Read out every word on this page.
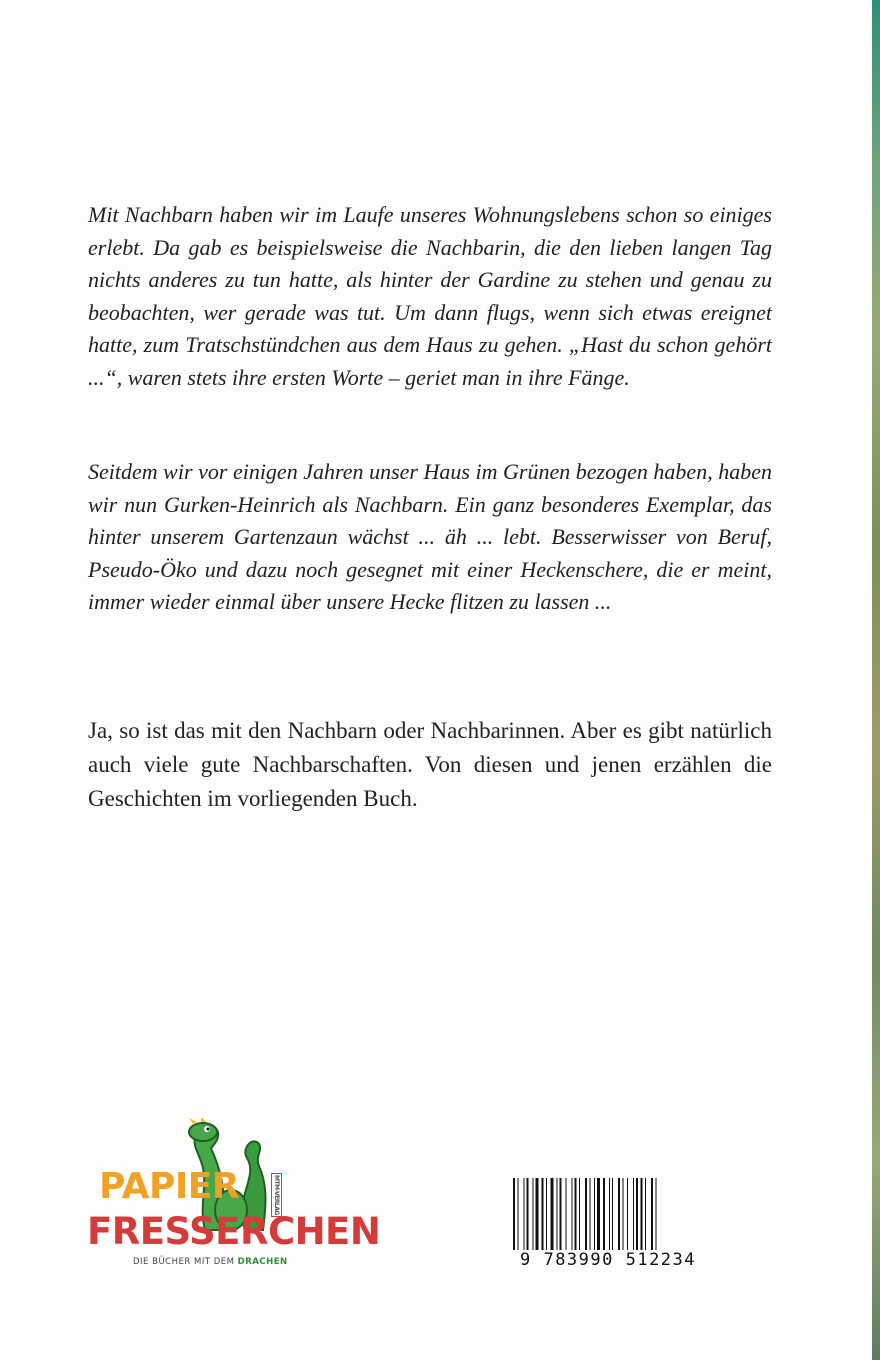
Mit Nachbarn haben wir im Laufe unseres Wohnungslebens schon so einiges erlebt. Da gab es beispielsweise die Nachbarin, die den lieben langen Tag nichts anderes zu tun hatte, als hinter der Gardine zu stehen und genau zu beobachten, wer gerade was tut. Um dann flugs, wenn sich etwas ereignet hatte, zum Tratschstündchen aus dem Haus zu gehen. „Hast du schon gehört ...“, waren stets ihre ersten Worte – geriet man in ihre Fänge.

Seitdem wir vor einigen Jahren unser Haus im Grünen bezogen haben, haben wir nun Gurken-Heinrich als Nachbarn. Ein ganz besonderes Exemplar, das hinter unserem Gartenzaun wächst ... äh ... lebt. Besserwisser von Beruf, Pseudo-Öko und dazu noch gesegnet mit einer Heckenschere, die er meint, immer wieder einmal über unsere Hecke flitzen zu lassen ...

Ja, so ist das mit den Nachbarn oder Nachbarinnen. Aber es gibt natürlich auch viele gute Nachbarschaften. Von diesen und jenen erzählen die Geschichten im vorliegenden Buch.

PAPIER	MTM-VERLAG
FRESSERCHEN
DIE BÜCHER MIT DEM DRACHEN	9 783990 512234
